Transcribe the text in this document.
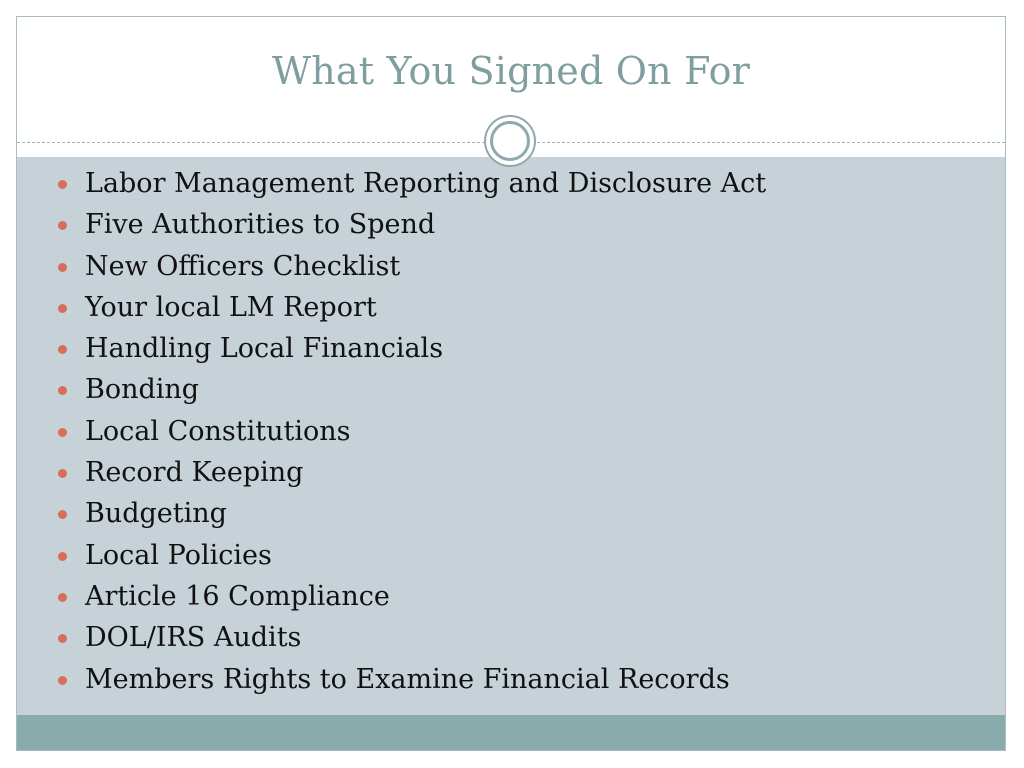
What You Signed On For
Labor Management Reporting and Disclosure Act
Five Authorities to Spend
New Officers Checklist
Your local LM Report
Handling Local Financials
Bonding
Local Constitutions
Record Keeping
Budgeting
Local Policies
Article 16 Compliance
DOL/IRS Audits
Members Rights to Examine Financial Records
